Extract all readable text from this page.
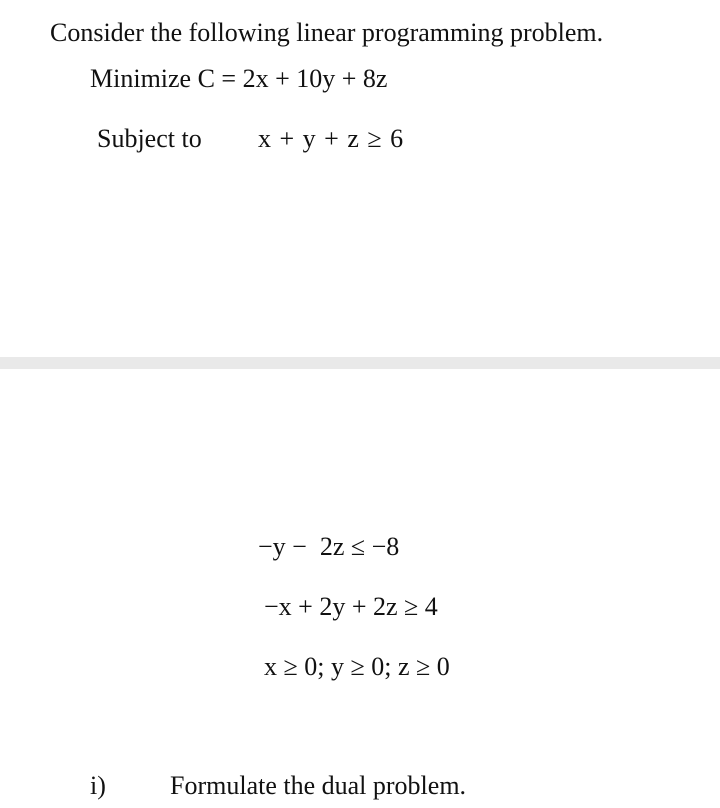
Consider the following linear programming problem.
Minimize C = 2x + 10y + 8z
Subject to x + y + z ≥ 6
−y −  2z ≤ −8
−x + 2y + 2z ≥ 4
x ≥ 0; y ≥ 0; z ≥ 0
i) Formulate the dual problem.
